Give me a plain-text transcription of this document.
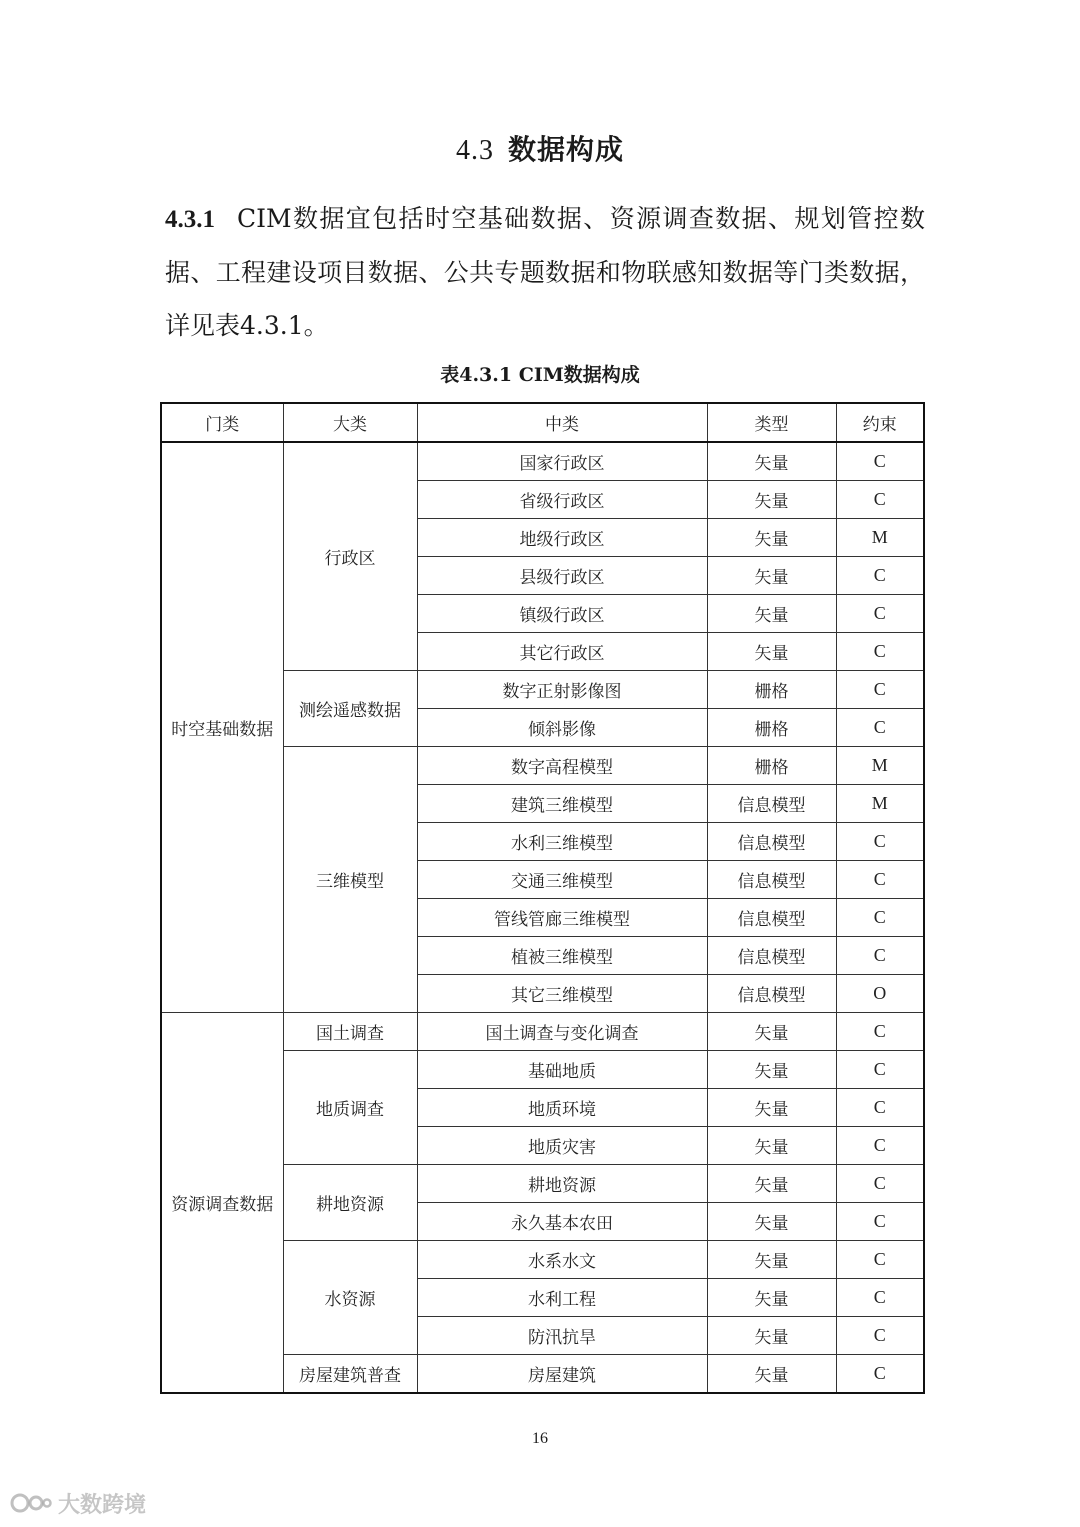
4.3 数据构成
4.3.1 CIM数据宜包括时空基础数据、资源调查数据、规划管控数据、工程建设项目数据、公共专题数据和物联感知数据等门类数据，详见表4.3.1。
表4.3.1 CIM数据构成
门类	大类	中类	类型	约束
时空基础数据	行政区	国家行政区	矢量	C
		省级行政区	矢量	C
		地级行政区	矢量	M
		县级行政区	矢量	C
		镇级行政区	矢量	C
		其它行政区	矢量	C
	测绘遥感数据	数字正射影像图	栅格	C
		倾斜影像	栅格	C
	三维模型	数字高程模型	栅格	M
		建筑三维模型	信息模型	M
		水利三维模型	信息模型	C
		交通三维模型	信息模型	C
		管线管廊三维模型	信息模型	C
		植被三维模型	信息模型	C
		其它三维模型	信息模型	O
资源调查数据	国土调查	国土调查与变化调查	矢量	C
	地质调查	基础地质	矢量	C
		地质环境	矢量	C
		地质灾害	矢量	C
	耕地资源	耕地资源	矢量	C
		永久基本农田	矢量	C
	水资源	水系水文	矢量	C
		水利工程	矢量	C
		防汛抗旱	矢量	C
	房屋建筑普查	房屋建筑	矢量	C
16
大数跨境
